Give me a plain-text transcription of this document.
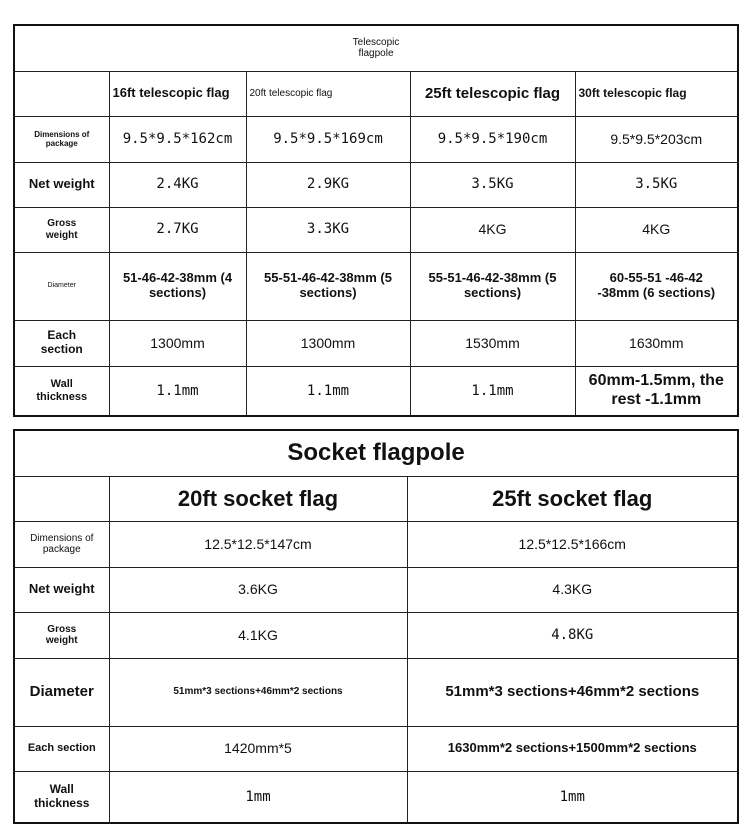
Telescopic flagpole				

	16ft telescopic flag	20ft telescopic flag	25ft telescopic flag	30ft telescopic flag

Dimensions of package	9.5*9.5*162cm	9.5*9.5*169cm	9.5*9.5*190cm	9.5*9.5*203cm
Net weight	2.4KG	2.9KG	3.5KG	3.5KG

Gross weight	2.7KG	3.3KG	4KG	4KG
Diameter	51-46-42-38mm (4 sections)	55-51-46-42-38mm (5 sections)	55-51-46-42-38mm (5 sections)	60-55-51 -46-42 -38mm (6 sections)

Each section	1300mm	1300mm	1530mm	1630mm

Wall thickness	1.1mm	1.1mm	1.1mm	60mm-1.5mm, the rest -1.1mm
Socket flagpole		
	20ft socket flag	25ft socket flag

Dimensions of package	12.5*12.5*147cm	12.5*12.5*166cm
Net weight	3.6KG	4.3KG

Gross weight	4.1KG	4.8KG
Diameter	51mm*3 sections+46mm*2 sections	51mm*3 sections+46mm*2 sections
Each section	1420mm*5	1630mm*2 sections+1500mm*2 sections

Wall thickness	1mm	1mm
